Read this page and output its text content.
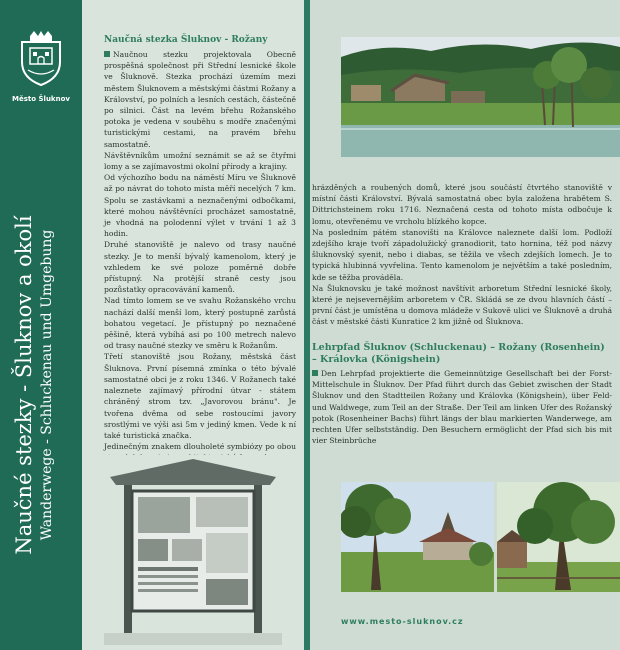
Město Šluknov
Naučné stezky - Šluknov a okolí Wanderwege - Schluckenau und Umgebung
Naučná stezka Šluknov - Rožany

Naučnou stezku projektovala Obecně prospěšná společnost při Střední lesnické škole ve Šluknově. Stezka prochází územím mezi městem Šluknovem a městskými částmi Rožany a Království, po polních a lesních cestách, částečně po silnici. Část na levém břehu Rožanského potoka je vedena v souběhu s modře značenými turistickými cestami, na pravém břehu samostatně.

Návštěvníkům umožní seznámit se až se čtyřmi lomy a se zajímavostmi okolní přírody a krajiny.

Od výchozího bodu na náměstí Míru ve Šluknově až po návrat do tohoto místa měří necelých 7 km. Spolu se zastávkami a neznačenými odbočkami, které mohou návštěvníci procházet samostatně, je vhodná na polodenní výlet v trvání 1 až 3 hodin.

Druhé stanoviště je nalevo od trasy naučné stezky. Je to menší bývalý kamenolom, který je vzhledem ke své poloze poměrně dobře přístupný. Na protější straně cesty jsou pozůstatky opracovávání kamenů.

Nad tímto lomem se ve svahu Rožanského vrchu nachází další menší lom, který postupně zarůstá bohatou vegetací. Je přístupný po neznačené pěšině, která vybíhá asi po 100 metrech nalevo od trasy naučné stezky ve směru k Rožanům.

Třetí stanoviště jsou Rožany, městská část Šluknova. První písemná zmínka o této bývalé samostatné obci je z roku 1346. V Rožanech také naleznete zajímavý přírodní útvar - státem chráněný strom tzv. „Javorovou bránu". Je tvořena dvěma od sebe rostoucími javory srostlými ve výši asi 5m v jediný kmen. Vede k ní také turistická značka.

Jedinečným znakem dlouholeté symbiózy po obou

hrázděných a roubených domů, které jsou součástí čtvrtého stanoviště v místní části Království. Bývalá samostatná obec byla založena hrabětem S. Dittrichsteinem roku 1716. Neznačená cesta od tohoto místa odbočuje k lomu, otevřenému ve vrcholu blízkého kopce.

Na posledním pátém stanovišti na Královce naleznete další lom. Podloží zdejšího kraje tvoří západolužický granodiorit, tato hornina, též pod názvy šluknovský syenit, nebo i diabas, se těžila ve všech zdejších lomech. Je to typická hlubinná vyvřelina. Tento kamenolom je největším a také posledním, kde se těžba prováděla.

Na Šluknovsku je také možnost navštívit arboretum Střední lesnické školy, které je nejsevernějším arboretem v ČR. Skládá se ze dvou hlavních částí – první část je umístěna u domova mládeže v Sukově ulici ve Šluknově a druhá část v městské části Kunratice 2 km jižně od Šluknova.

Lehrpfad Šluknov (Schluckenau) – Rožany (Rosenhein) – Královka (Königshein)
Den Lehrpfad projektierte die Gemeinnützige Gesellschaft bei der Forst-Mittelschule in Šluknov. Der Pfad führt durch das Gebiet zwischen der Stadt Šluknov und den Stadtteilen Rožany und Královka (Königshein), über Feld- und Waldwege, zum Teil an der Straße. Der Teil am linken Ufer des Rožanský potok (Rosenheiner Bachs) führt längs der blau markierten Wanderwege, am rechten Ufer selbstständig. Den Besuchern ermöglicht der Pfad sich bis mit vier Steinbrüche
www.mesto-sluknov.cz
